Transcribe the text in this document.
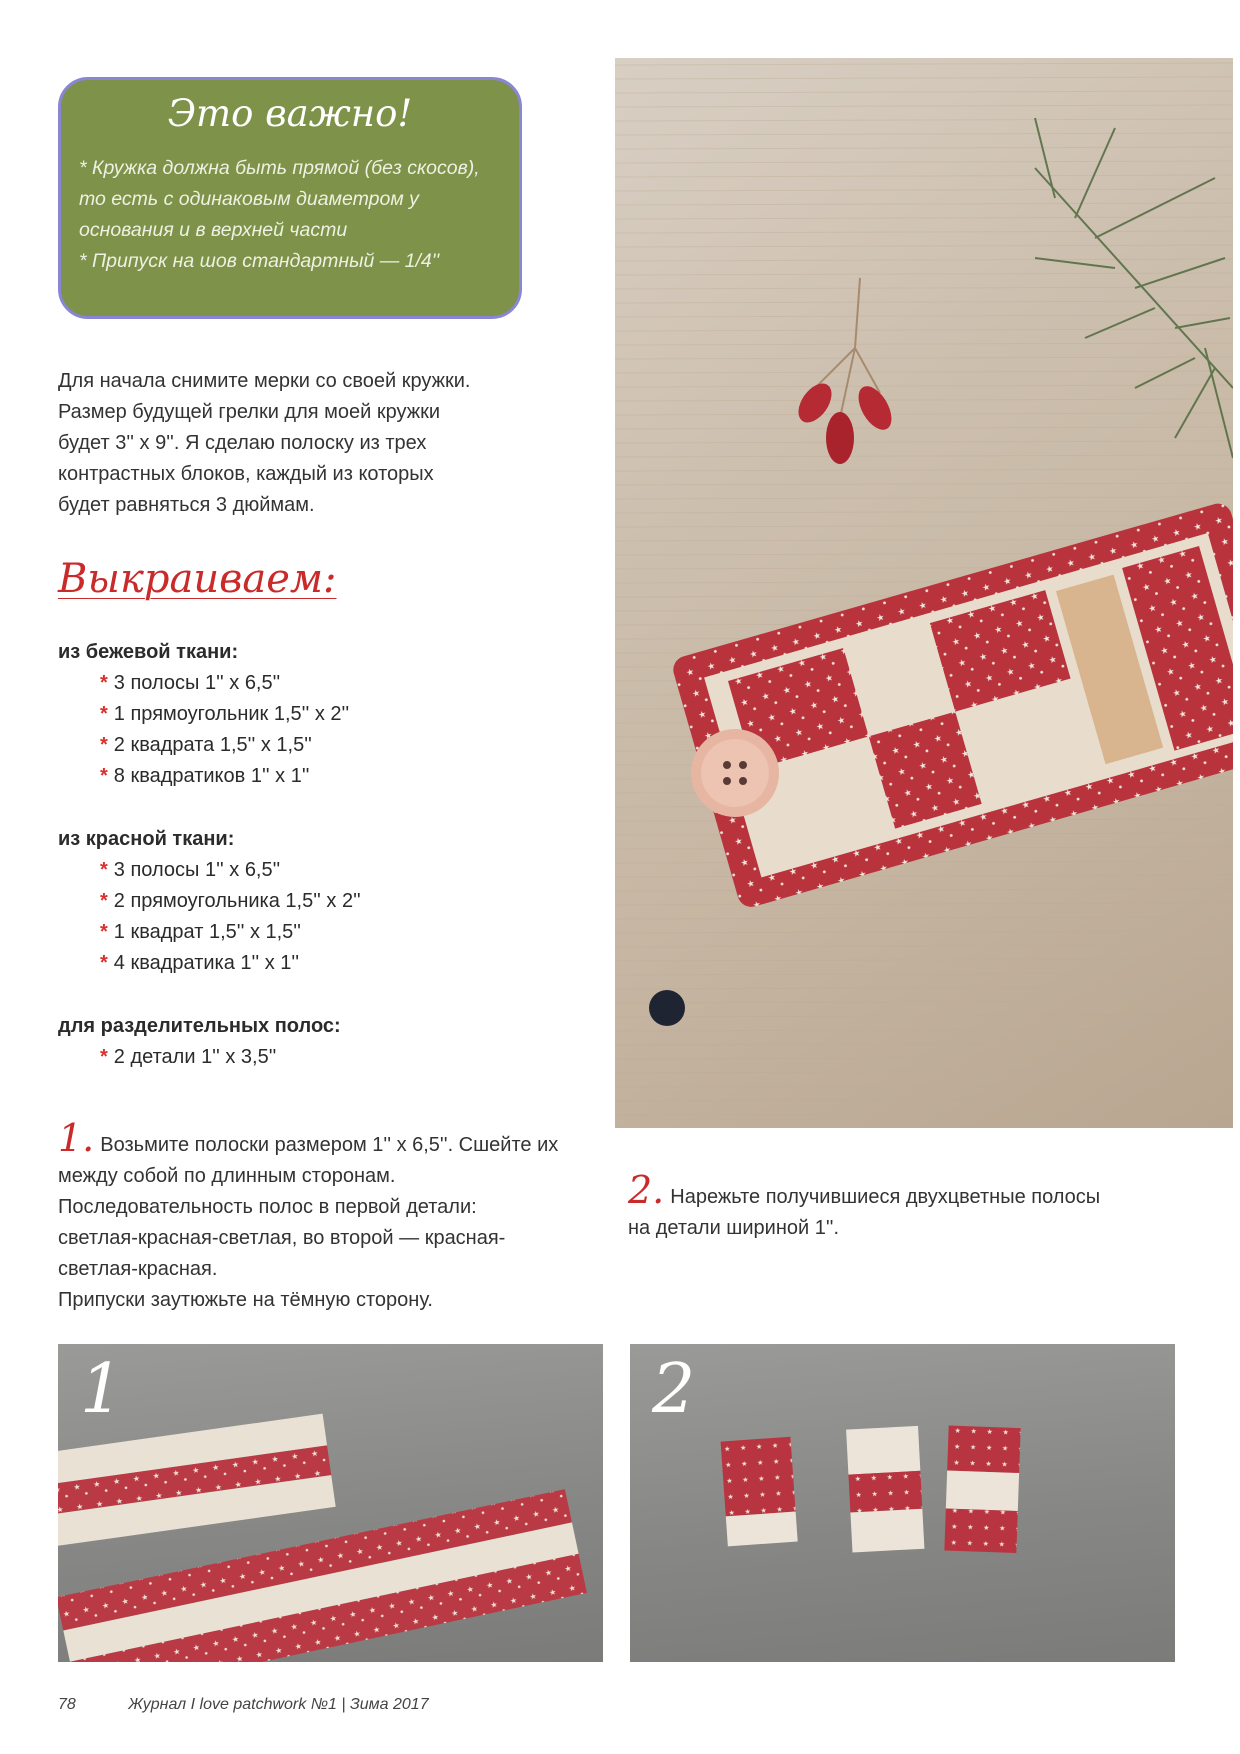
Это важно!
* Кружка должна быть прямой (без скосов),
то есть с одинаковым диаметром у
основания и в верхней части
* Припуск на шов стандартный — 1/4''
Для начала снимите мерки со своей кружки.
Размер будущей грелки для моей кружки
будет 3'' x 9''. Я сделаю полоску из трех
контрастных блоков, каждый из которых
будет равняться 3 дюймам.
Выкраиваем:
из бежевой ткани:
* 3 полосы 1'' x 6,5''
* 1 прямоугольник 1,5'' x 2''
* 2 квадрата 1,5'' x 1,5''
* 8 квадратиков 1'' x 1''
из красной ткани:
* 3 полосы 1'' x 6,5''
* 2 прямоугольника 1,5'' x 2''
* 1 квадрат 1,5'' x 1,5''
* 4 квадратика 1'' x 1''
для разделительных полос:
* 2 детали 1'' x 3,5''
1. Возьмите полоски размером 1'' x 6,5''. Сшейте их
между собой по длинным сторонам.
Последовательность полос в первой детали:
светлая-красная-светлая, во второй — красная-
светлая-красная.
Припуски заутюжьте на тёмную сторону.
2. Нарежьте получившиеся двухцветные полосы
на детали шириной 1''.
1	2
78	Журнал I love patchwork №1 | Зима 2017
